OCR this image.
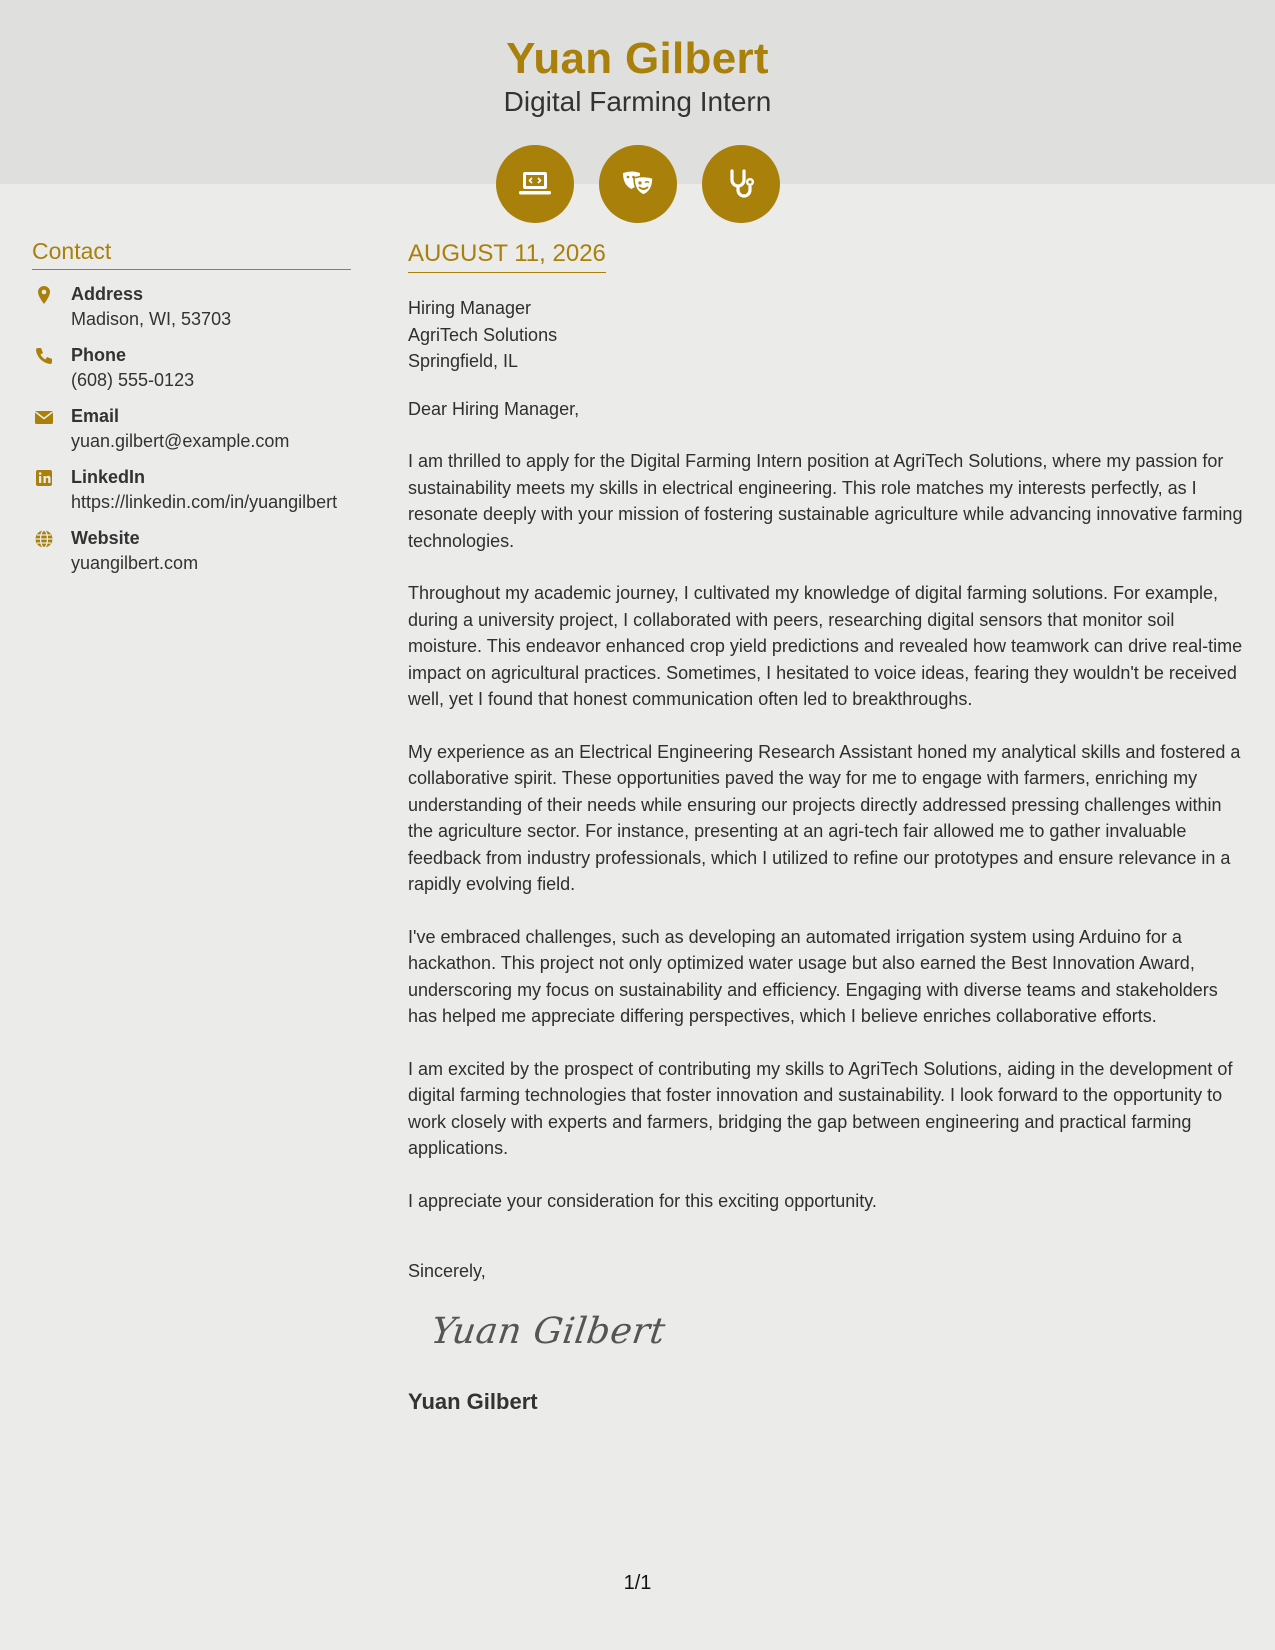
Yuan Gilbert
Digital Farming Intern
Contact
Address
Madison, WI, 53703
Phone
(608) 555-0123
Email
yuan.gilbert@example.com
LinkedIn
https://linkedin.com/in/yuangilbert
Website
yuangilbert.com
AUGUST 11, 2026
Hiring Manager
AgriTech Solutions
Springfield, IL
Dear Hiring Manager,

I am thrilled to apply for the Digital Farming Intern position at AgriTech Solutions, where my passion for sustainability meets my skills in electrical engineering. This role matches my interests perfectly, as I resonate deeply with your mission of fostering sustainable agriculture while advancing innovative farming technologies.

Throughout my academic journey, I cultivated my knowledge of digital farming solutions. For example, during a university project, I collaborated with peers, researching digital sensors that monitor soil moisture. This endeavor enhanced crop yield predictions and revealed how teamwork can drive real-time impact on agricultural practices. Sometimes, I hesitated to voice ideas, fearing they wouldn't be received well, yet I found that honest communication often led to breakthroughs.

My experience as an Electrical Engineering Research Assistant honed my analytical skills and fostered a collaborative spirit. These opportunities paved the way for me to engage with farmers, enriching my understanding of their needs while ensuring our projects directly addressed pressing challenges within the agriculture sector. For instance, presenting at an agri-tech fair allowed me to gather invaluable feedback from industry professionals, which I utilized to refine our prototypes and ensure relevance in a rapidly evolving field.

I've embraced challenges, such as developing an automated irrigation system using Arduino for a hackathon. This project not only optimized water usage but also earned the Best Innovation Award, underscoring my focus on sustainability and efficiency. Engaging with diverse teams and stakeholders has helped me appreciate differing perspectives, which I believe enriches collaborative efforts.

I am excited by the prospect of contributing my skills to AgriTech Solutions, aiding in the development of digital farming technologies that foster innovation and sustainability. I look forward to the opportunity to work closely with experts and farmers, bridging the gap between engineering and practical farming applications.

I appreciate your consideration for this exciting opportunity.

Sincerely,
Yuan Gilbert
Yuan Gilbert
1/1
